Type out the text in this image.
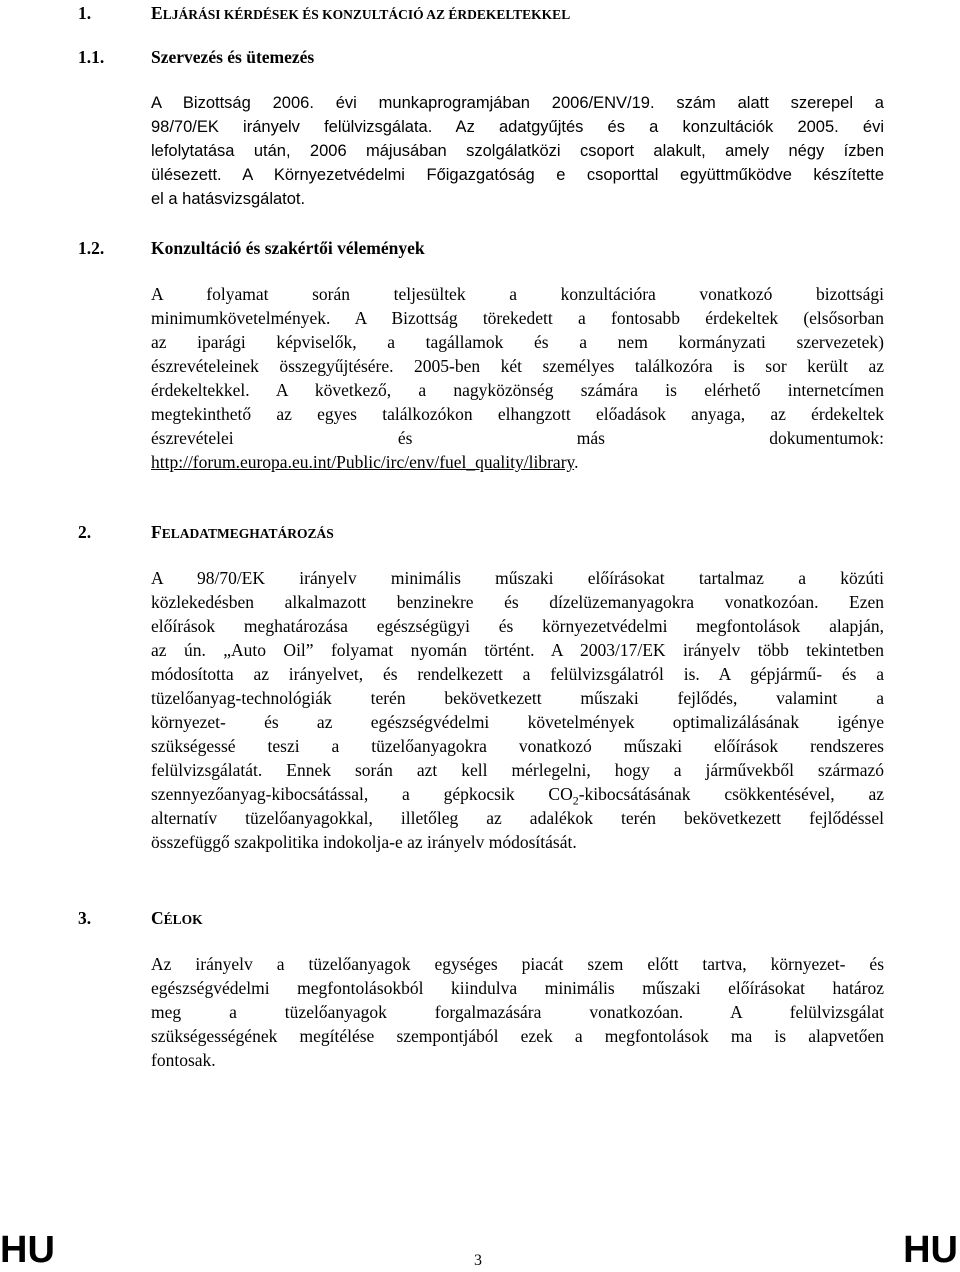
1.	ELJÁRÁSI KÉRDÉSEK ÉS KONZULTÁCIÓ AZ ÉRDEKELTEKKEL
1.1.	Szervezés és ütemezés
A Bizottság 2006. évi munkaprogramjában 2006/ENV/19. szám alatt szerepel a
98/70/EK irányelv felülvizsgálata. Az adatgyűjtés és a konzultációk 2005. évi
lefolytatása után, 2006 májusában szolgálatközi csoport alakult, amely négy ízben
ülésezett. A Környezetvédelmi Főigazgatóság e csoporttal együttműködve készítette
el a hatásvizsgálatot.
1.2.	Konzultáció és szakértői vélemények
A folyamat során teljesültek a konzultációra vonatkozó bizottsági
minimumkövetelmények. A Bizottság törekedett a fontosabb érdekeltek (elsősorban
az iparági képviselők, a tagállamok és a nem kormányzati szervezetek)
észrevételeinek összegyűjtésére. 2005-ben két személyes találkozóra is sor került az
érdekeltekkel. A következő, a nagyközönség számára is elérhető internetcímen
megtekinthető az egyes találkozókon elhangzott előadások anyaga, az érdekeltek
észrevételei és más dokumentumok:
http://forum.europa.eu.int/Public/irc/env/fuel_quality/library.
2.	FELADATMEGHATÁROZÁS
A 98/70/EK irányelv minimális műszaki előírásokat tartalmaz a közúti
közlekedésben alkalmazott benzinekre és dízelüzemanyagokra vonatkozóan. Ezen
előírások meghatározása egészségügyi és környezetvédelmi megfontolások alapján,
az ún. „Auto Oil” folyamat nyomán történt. A 2003/17/EK irányelv több tekintetben
módosította az irányelvet, és rendelkezett a felülvizsgálatról is. A gépjármű- és a
tüzelőanyag-technológiák terén bekövetkezett műszaki fejlődés, valamint a
környezet- és az egészségvédelmi követelmények optimalizálásának igénye
szükségessé teszi a tüzelőanyagokra vonatkozó műszaki előírások rendszeres
felülvizsgálatát. Ennek során azt kell mérlegelni, hogy a járművekből származó
szennyezőanyag-kibocsátással, a gépkocsik $CO_2$-kibocsátásának csökkentésével, az
alternatív tüzelőanyagokkal, illetőleg az adalékok terén bekövetkezett fejlődéssel
összefüggő szakpolitika indokolja-e az irányelv módosítását.
3.	CÉLOK
Az irányelv a tüzelőanyagok egységes piacát szem előtt tartva, környezet- és
egészségvédelmi megfontolásokból kiindulva minimális műszaki előírásokat határoz
meg a tüzelőanyagok forgalmazására vonatkozóan. A felülvizsgálat
szükségességének megítélése szempontjából ezek a megfontolások ma is alapvetően
fontosak.
HU	3	HU
